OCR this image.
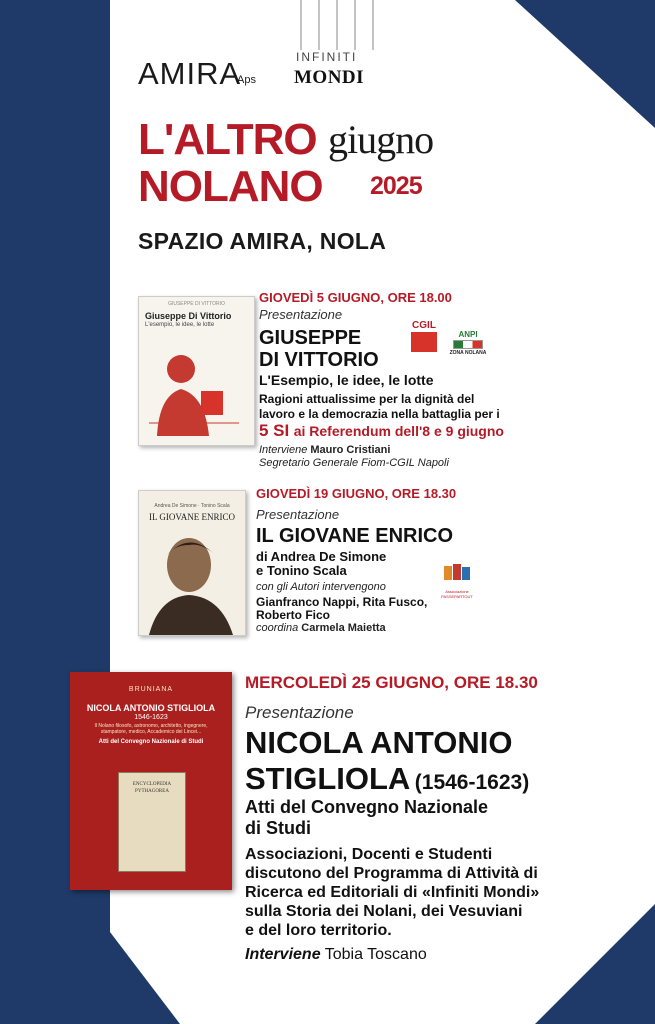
AMIRA
Aps
INFINITI
MONDI
L'ALTRO giugno
NOLANO 2025
SPAZIO AMIRA, NOLA
GIUSEPPE DI VITTORIO
Giuseppe Di Vittorio
L'esempio, le idee, le lotte
GIOVEDÌ 5 GIUGNO, ORE 18.00
Presentazione
GIUSEPPE
DI VITTORIO
L'Esempio, le idee, le lotte
Ragioni attualissime per la dignità del
lavoro e la democrazia nella battaglia per i
5 SI ai Referendum dell'8 e 9 giugno
Interviene Mauro Cristiani
Segretario Generale Fiom-CGIL Napoli
CGIL
ANPI
ZONA NOLANA
Andrea De Simone · Tonino Scala
IL GIOVANE ENRICO
GIOVEDÌ 19 GIUGNO, ORE 18.30
Presentazione
IL GIOVANE ENRICO
di Andrea De Simone
e Tonino Scala
con gli Autori intervengono
Gianfranco Nappi, Rita Fusco,
Roberto Fico
coordina Carmela Maietta
Associazione PASSEPARTOUT
BRUNIANA
NICOLA ANTONIO STIGLIOLA
1546-1623
Il Nolano filosofo, astronomo, architetto, ingegnere, stampatore, medico, Accademico dei Lincei...
Atti del Convegno Nazionale di Studi
ENCYCLOPEDIA PYTHAGOREA
MERCOLEDÌ 25 GIUGNO, ORE 18.30
Presentazione
NICOLA ANTONIO
STIGLIOLA (1546-1623)
Atti del Convegno Nazionale
di Studi
Associazioni, Docenti e Studenti
discutono del Programma di Attività di
Ricerca ed Editoriali di «Infiniti Mondi»
sulla Storia dei Nolani, dei Vesuviani
e del loro territorio.
Interviene Tobia Toscano
